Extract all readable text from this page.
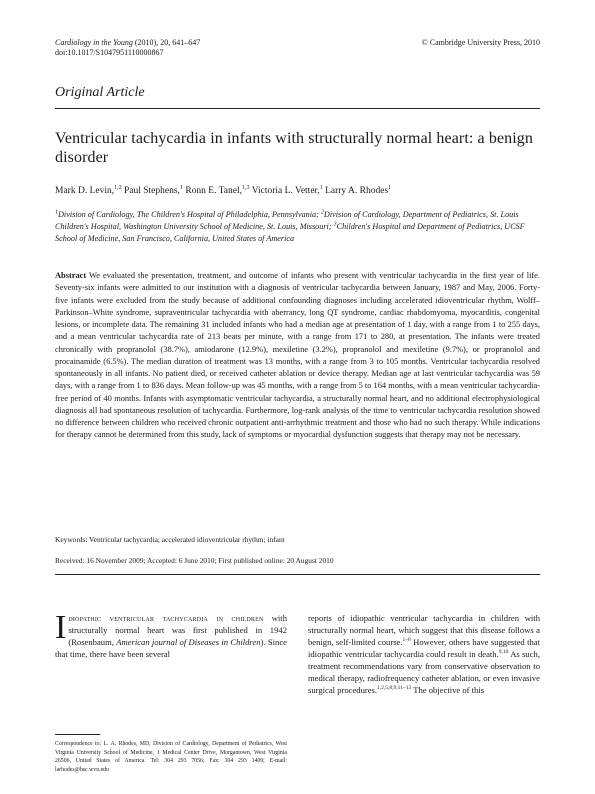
Cardiology in the Young (2010), 20, 641–647
doi:10.1017/S1047951110000867
© Cambridge University Press, 2010
Original Article
Ventricular tachycardia in infants with structurally normal heart: a benign disorder
Mark D. Levin,$^{1,2}$ Paul Stephens,$^1$ Ronn E. Tanel,$^{1,3}$ Victoria L. Vetter,$^1$ Larry A. Rhodes$^1$
$^1$Division of Cardiology, The Children's Hospital of Philadelphia, Pennsylvania; $^2$Division of Cardiology, Department of Pediatrics, St. Louis Children's Hospital, Washington University School of Medicine, St. Louis, Missouri; $^3$Children's Hospital and Department of Pediatrics, UCSF School of Medicine, San Francisco, California, United States of America
Abstract We evaluated the presentation, treatment, and outcome of infants who present with ventricular tachycardia in the first year of life. Seventy-six infants were admitted to our institution with a diagnosis of ventricular tachycardia between January, 1987 and May, 2006. Forty-five infants were excluded from the study because of additional confounding diagnoses including accelerated idioventricular rhythm, Wolff–Parkinson–White syndrome, supraventricular tachycardia with aberrancy, long QT syndrome, cardiac rhabdomyoma, myocarditis, congenital lesions, or incomplete data. The remaining 31 included infants who had a median age at presentation of 1 day, with a range from 1 to 255 days, and a mean ventricular tachycardia rate of 213 beats per minute, with a range from 171 to 280, at presentation. The infants were treated chronically with propranolol (38.7%), amiodarone (12.9%), mexiletine (3.2%), propranolol and mexiletine (9.7%), or propranolol and procainamide (6.5%). The median duration of treatment was 13 months, with a range from 3 to 105 months. Ventricular tachycardia resolved spontaneously in all infants. No patient died, or received catheter ablation or device therapy. Median age at last ventricular tachycardia was 59 days, with a range from 1 to 836 days. Mean follow-up was 45 months, with a range from 5 to 164 months, with a mean ventricular tachycardia-free period of 40 months. Infants with asymptomatic ventricular tachycardia, a structurally normal heart, and no additional electrophysiological diagnosis all had spontaneous resolution of tachycardia. Furthermore, log-rank analysis of the time to ventricular tachycardia resolution showed no difference between children who received chronic outpatient anti-arrhythmic treatment and those who had no such therapy. While indications for therapy cannot be determined from this study, lack of symptoms or myocardial dysfunction suggests that therapy may not be necessary.
Keywords: Ventricular tachycardia; accelerated idioventricular rhythm; infant
Received: 16 November 2009; Accepted: 6 June 2010; First published online: 20 August 2010
Idiopathic ventricular tachycardia in children with structurally normal heart was first published in 1942 (Rosenbaum, American journal of Diseases in Children). Since that time, there have been several
reports of idiopathic ventricular tachycardia in children with structurally normal heart, which suggest that this disease follows a benign, self-limited course.$^{1-8}$ However, others have suggested that idiopathic ventricular tachycardia could result in death.$^{9,10}$ As such, treatment recommendations vary from conservative observation to medical therapy, radiofrequency catheter ablation, or even invasive surgical procedures.$^{1,2,5,8,9,11-13}$ The objective of this
Correspondence to: L. A. Rhodes, MD, Division of Cardiology, Department of Pediatrics, West Virginia University School of Medicine, 1 Medical Center Drive, Morgantown, West Virginia 26506, United States of America. Tel: 304 293 7056; Fax: 304 293 1409; E-mail: larhodes@hsc.wvu.edu
